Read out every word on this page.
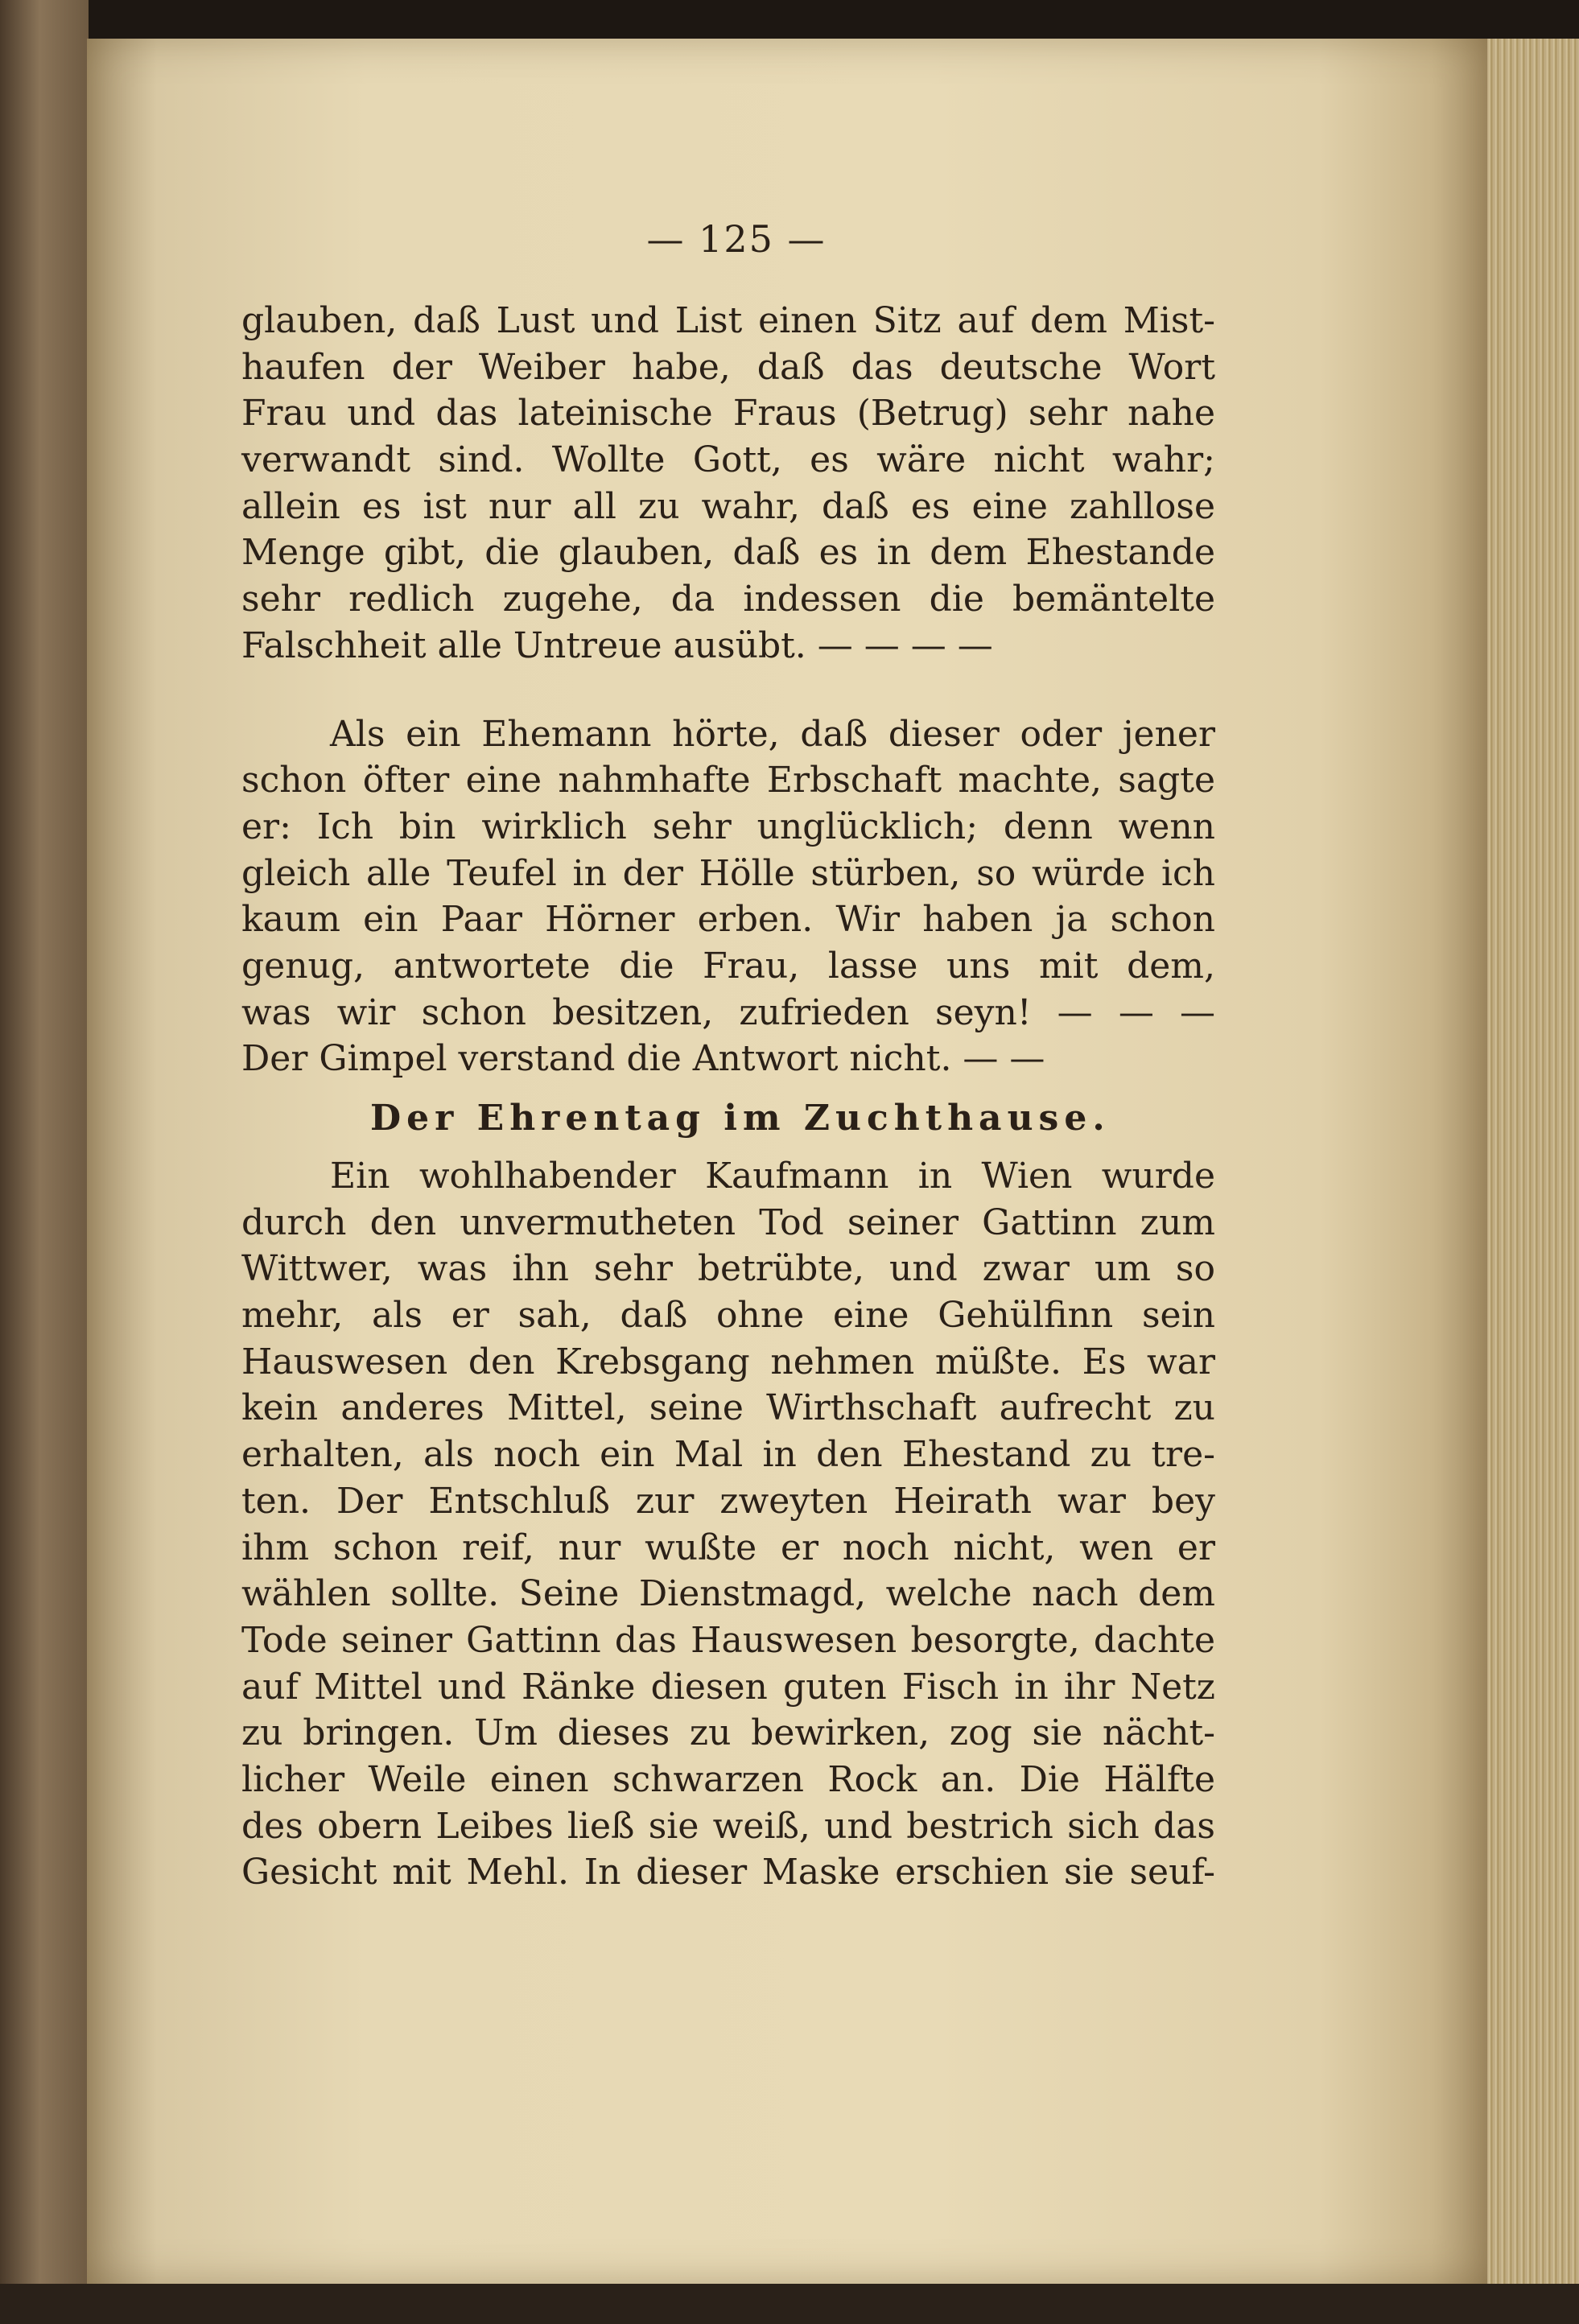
— 125 —
glauben, daß Lust und List einen Sitz auf dem Mist-
haufen der Weiber habe, daß das deutsche Wort
Frau und das lateinische Fraus (Betrug) sehr nahe
verwandt sind. Wollte Gott, es wäre nicht wahr;
allein es ist nur all zu wahr, daß es eine zahllose
Menge gibt, die glauben, daß es in dem Ehestande
sehr redlich zugehe, da indessen die bemäntelte
Falschheit alle Untreue ausübt. — — — —
Als ein Ehemann hörte, daß dieser oder jener
schon öfter eine nahmhafte Erbschaft machte, sagte
er: Ich bin wirklich sehr unglücklich; denn wenn
gleich alle Teufel in der Hölle stürben, so würde ich
kaum ein Paar Hörner erben. Wir haben ja schon
genug, antwortete die Frau, lasse uns mit dem,
was wir schon besitzen, zufrieden seyn! — — —
Der Gimpel verstand die Antwort nicht. — —
Der Ehrentag im Zuchthause.
Ein wohlhabender Kaufmann in Wien wurde
durch den unvermutheten Tod seiner Gattinn zum
Wittwer, was ihn sehr betrübte, und zwar um so
mehr, als er sah, daß ohne eine Gehülfinn sein
Hauswesen den Krebsgang nehmen müßte. Es war
kein anderes Mittel, seine Wirthschaft aufrecht zu
erhalten, als noch ein Mal in den Ehestand zu tre-
ten. Der Entschluß zur zweyten Heirath war bey
ihm schon reif, nur wußte er noch nicht, wen er
wählen sollte. Seine Dienstmagd, welche nach dem
Tode seiner Gattinn das Hauswesen besorgte, dachte
auf Mittel und Ränke diesen guten Fisch in ihr Netz
zu bringen. Um dieses zu bewirken, zog sie nächt-
licher Weile einen schwarzen Rock an. Die Hälfte
des obern Leibes ließ sie weiß, und bestrich sich das
Gesicht mit Mehl. In dieser Maske erschien sie seuf-
